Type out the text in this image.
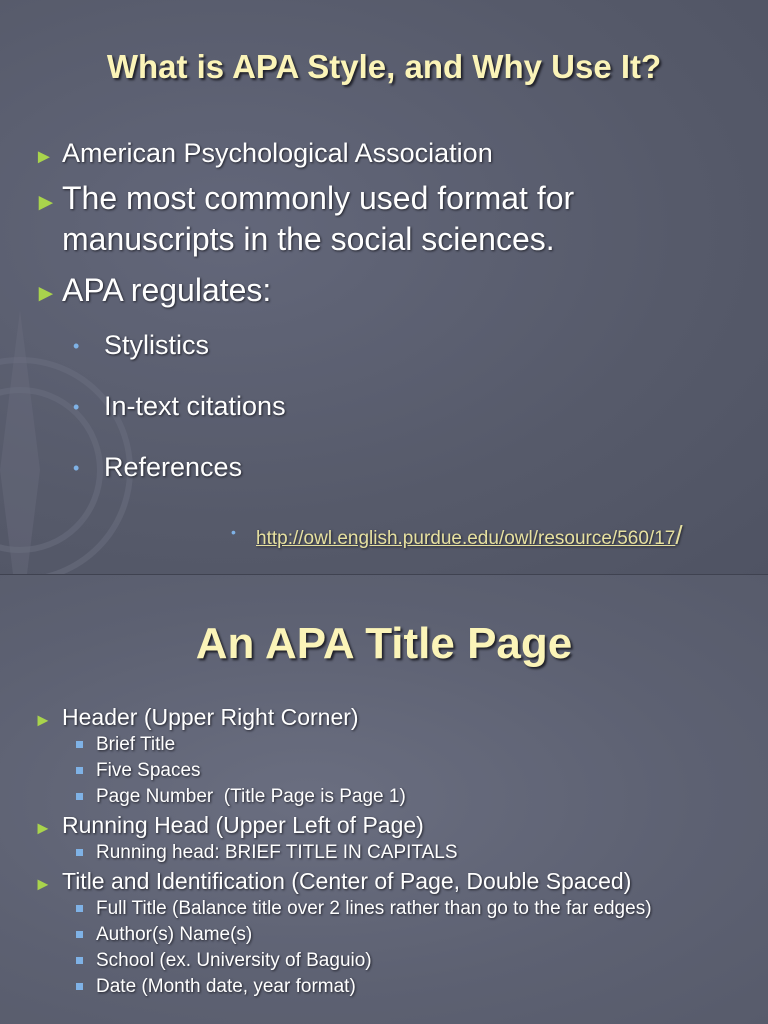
What is APA Style, and Why Use It?
► American Psychological Association
► The most commonly used format for
manuscripts in the social sciences.
► APA regulates:
• Stylistics
• In-text citations
• References
• http://owl.english.purdue.edu/owl/resource/560/17/
An APA Title Page
► Header (Upper Right Corner)
Brief Title
Five Spaces
Page Number  (Title Page is Page 1)
► Running Head (Upper Left of Page)
Running head: BRIEF TITLE IN CAPITALS
► Title and Identification (Center of Page, Double Spaced)
Full Title (Balance title over 2 lines rather than go to the far edges)
Author(s) Name(s)
School (ex. University of Baguio)
Date (Month date, year format)
